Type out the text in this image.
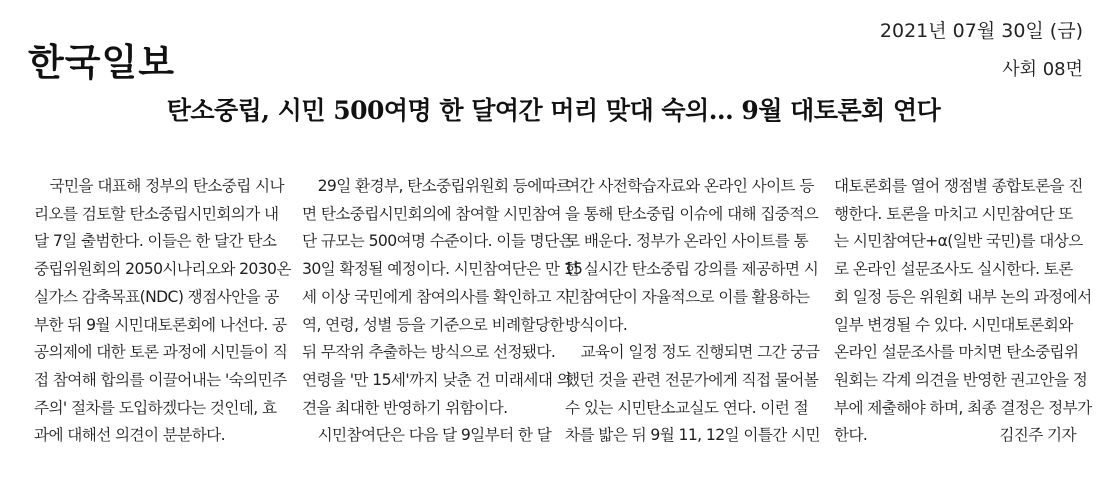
한국일보
2021년 07월 30일 (금)
사회 08면
탄소중립, 시민 500여명 한 달여간 머리 맞대 숙의… 9월 대토론회 연다
국민을 대표해 정부의 탄소중립 시나
리오를 검토할 탄소중립시민회의가 내
달 7일 출범한다. 이들은 한 달간 탄소
중립위원회의 2050시나리오와 2030온
실가스 감축목표(NDC) 쟁점사안을 공
부한 뒤 9월 시민대토론회에 나선다. 공
공의제에 대한 토론 과정에 시민들이 직
접 참여해 합의를 이끌어내는 '숙의민주
주의' 절차를 도입하겠다는 것인데, 효
과에 대해선 의견이 분분하다.
29일 환경부, 탄소중립위원회 등에따르
면 탄소중립시민회의에 참여할 시민참여
단 규모는 500여명 수준이다. 이들 명단은
30일 확정될 예정이다. 시민참여단은 만 15
세 이상 국민에게 참여의사를 확인하고 지
역, 연령, 성별 등을 기준으로 비례할당한
뒤 무작위 추출하는 방식으로 선정됐다.
연령을 '만 15세'까지 낮춘 건 미래세대 의
견을 최대한 반영하기 위함이다.
시민참여단은 다음 달 9일부터 한 달
여간 사전학습자료와 온라인 사이트 등
을 통해 탄소중립 이슈에 대해 집중적으
로 배운다. 정부가 온라인 사이트를 통
한 실시간 탄소중립 강의를 제공하면 시
민참여단이 자율적으로 이를 활용하는
방식이다.
교육이 일정 정도 진행되면 그간 궁금
했던 것을 관련 전문가에게 직접 물어볼
수 있는 시민탄소교실도 연다. 이런 절
차를 밟은 뒤 9월 11, 12일 이틀간 시민
대토론회를 열어 쟁점별 종합토론을 진
행한다. 토론을 마치고 시민참여단 또
는 시민참여단+α(일반 국민)를 대상으
로 온라인 설문조사도 실시한다. 토론
회 일정 등은 위원회 내부 논의 과정에서
일부 변경될 수 있다. 시민대토론회와
온라인 설문조사를 마치면 탄소중립위
원회는 각계 의견을 반영한 권고안을 정
부에 제출해야 하며, 최종 결정은 정부가
한다.	김진주 기자
